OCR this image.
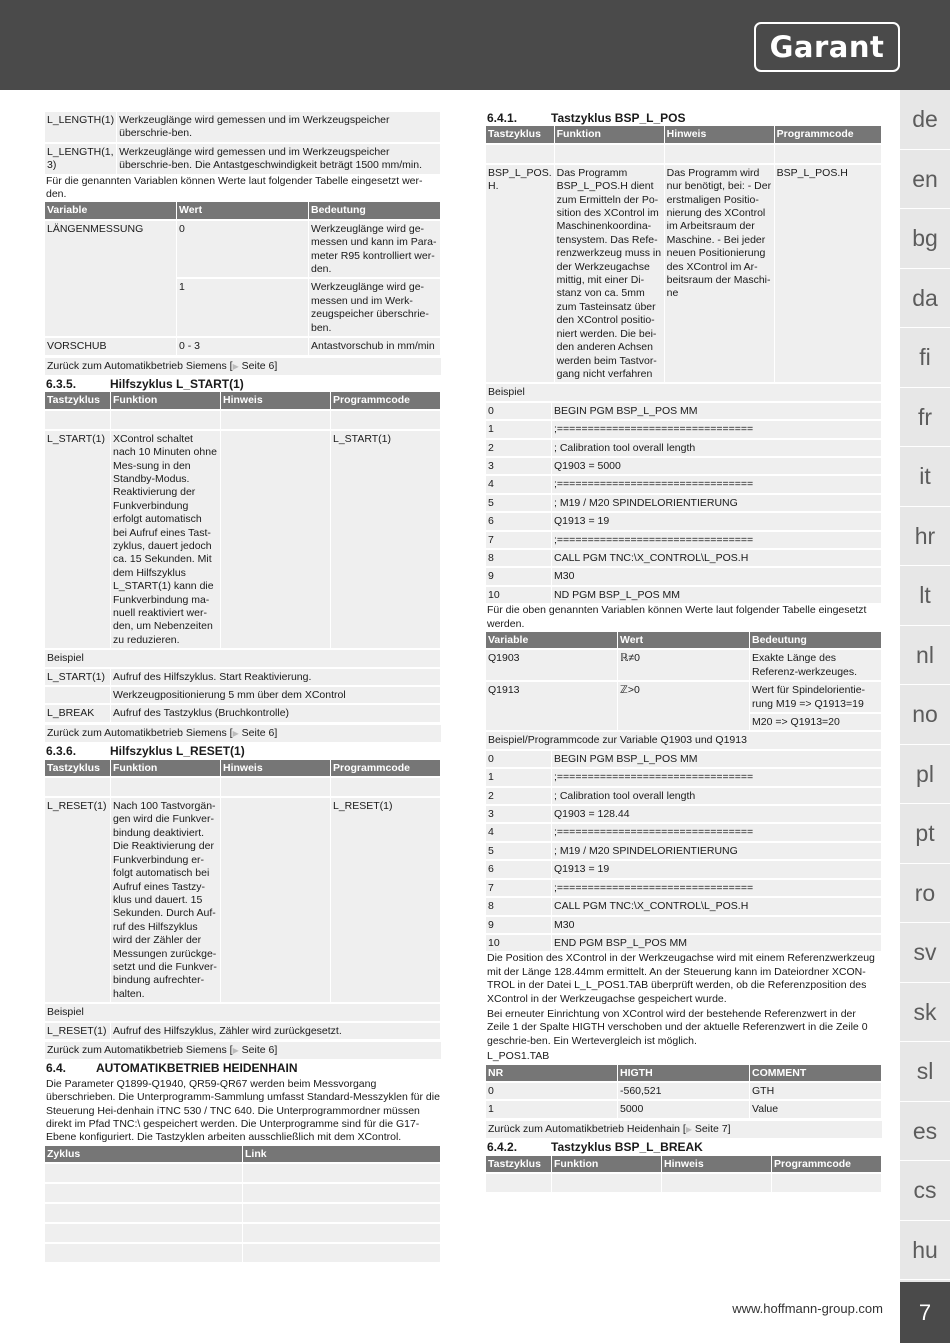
Garant
de
en
bg
da
fi
fr
it
hr
lt
nl
no
pl
pt
ro
sv
sk
sl
es
cs
hu
www.hoffmann-group.com	7
L_LENGTH(1)	Werkzeuglänge wird gemessen und im Werkzeugspeicher überschrie-ben.
L_LENGTH(1, 3)	Werkzeuglänge wird gemessen und im Werkzeugspeicher überschrie-ben. Die Antastgeschwindigkeit beträgt 1500 mm/min.

Für die genannten Variablen können Werte laut folgender Tabelle eingesetzt wer-den.

Variable	Wert	Bedeutung
LÄNGENMESSUNG	0	Werkzeuglänge wird ge-messen und kann im Para-meter R95 kontrolliert wer-den.
	1	Werkzeuglänge wird ge-messen und im Werk-zeugspeicher überschrie-ben.
VORSCHUB	0 - 3	Antastvorschub in mm/min
Zurück zum Automatikbetrieb Siemens [▶ Seite 6]
6.3.5.	Hilfszyklus L_START(1)
Tastzyklus	Funktion	Hinweis	Programmcode

L_START(1)	XControl schaltet nach 10 Minuten ohne Mes-sung in den Standby-Modus. Reaktivierung der Funkverbindung erfolgt automatisch bei Aufruf eines Tast-zyklus, dauert jedoch ca. 15 Sekunden. Mit dem Hilfszyklus L_START(1) kann die Funkverbindung ma-nuell reaktiviert wer-den, um Nebenzeiten zu reduzieren.		L_START(1)
Beispiel			
L_START(1)	Aufruf des Hilfszyklus. Start Reaktivierung.
	Werkzeugpositionierung 5 mm über dem XControl
L_BREAK	Aufruf des Tastzyklus (Bruchkontrolle)
Zurück zum Automatikbetrieb Siemens [▶ Seite 6]
6.3.6.	Hilfszyklus L_RESET(1)
Tastzyklus	Funktion	Hinweis	Programmcode

L_RESET(1)	Nach 100 Tastvorgän-gen wird die Funkver-bindung deaktiviert. Die Reaktivierung der Funkverbindung er-folgt automatisch bei Aufruf eines Tastzy-klus und dauert. 15 Sekunden. Durch Auf-ruf des Hilfszyklus wird der Zähler der Messungen zurückge-setzt und die Funkver-bindung aufrechter-halten.		L_RESET(1)
Beispiel			
L_RESET(1)	Aufruf des Hilfszyklus, Zähler wird zurückgesetzt.
Zurück zum Automatikbetrieb Siemens [▶ Seite 6]
6.4. AUTOMATIKBETRIEB HEIDENHAIN

Die Parameter Q1899-Q1940, QR59-QR67 werden beim Messvorgang überschrieben. Die Unterprogramm-Sammlung umfasst Standard-Messzyklen für die Steuerung Hei-denhain iTNC 530 / TNC 640. Die Unterprogrammordner müssen direkt im Pfad TNC:\ gespeichert werden. Die Unterprogramme sind für die G17-Ebene konfiguriert. Die Tastzyklen arbeiten ausschließlich mit dem XControl.

Zyklus	Link

6.4.1.	Tastzyklus BSP_L_POS
Tastzyklus	Funktion	Hinweis	Programmcode

BSP_L_POS. H.	Das Programm BSP_L_POS.H dient zum Ermitteln der Po-sition des XControl im Maschinenkoordina-tensystem. Das Refe-renzwerkzeug muss in der Werkzeugachse mittig, mit einer Di-stanz von ca. 5mm zum Tasteinsatz über den XControl positio-niert werden. Die bei-den anderen Achsen werden beim Tastvor-gang nicht verfahren	Das Programm wird nur benötigt, bei: - Der erstmaligen Positio-nierung des XControl im Arbeitsraum der Maschine. - Bei jeder neuen Positionierung des XControl im Ar-beitsraum der Maschi-ne	BSP_L_POS.H
Beispiel			
0	BEGIN PGM BSP_L_POS MM
1	;================================
2	; Calibration tool overall length
3	Q1903 = 5000
4	;================================
5	; M19 / M20 SPINDELORIENTIERUNG
6	Q1913 = 19
7	;================================
8	CALL PGM TNC:\X_CONTROL\L_POS.H
9	M30
10	ND PGM BSP_L_POS MM

Für die oben genannten Variablen können Werte laut folgender Tabelle eingesetzt werden.

Variable	Wert	Bedeutung
Q1903	ℝ≠0	Exakte Länge des Referenz-werkzeuges.
Q1913	ℤ>0	Wert für Spindelorientie-rung M19 => Q1913=19
		M20 => Q1913=20
Beispiel/Programmcode zur Variable Q1903 und Q1913
0	BEGIN PGM BSP_L_POS MM
1	;================================
2	; Calibration tool overall length
3	Q1903 = 128.44
4	;================================
5	; M19 / M20 SPINDELORIENTIERUNG
6	Q1913 = 19
7	;================================
8	CALL PGM TNC:\X_CONTROL\L_POS.H
9	M30
10	END PGM BSP_L_POS MM

Die Position des XControl in der Werkzeugachse wird mit einem Referenzwerkzeug mit der Länge 128.44mm ermittelt. An der Steuerung kann im Dateiordner XCON-TROL in der Datei L_L_POS1.TAB überprüft werden, ob die Referenzposition des XControl in der Werkzeugachse gespeichert wurde.

Bei erneuter Einrichtung von XControl wird der bestehende Referenzwert in der Zeile 1 der Spalte HIGTH verschoben und der aktuelle Referenzwert in die Zeile 0 geschrie-ben. Ein Wertevergleich ist möglich.

L_POS1.TAB

NR	HIGTH	COMMENT
0	-560,521	GTH
1	5000	Value
Zurück zum Automatikbetrieb Heidenhain [▶ Seite 7]
6.4.2.	Tastzyklus BSP_L_BREAK
Tastzyklus	Funktion	Hinweis	Programmcode
